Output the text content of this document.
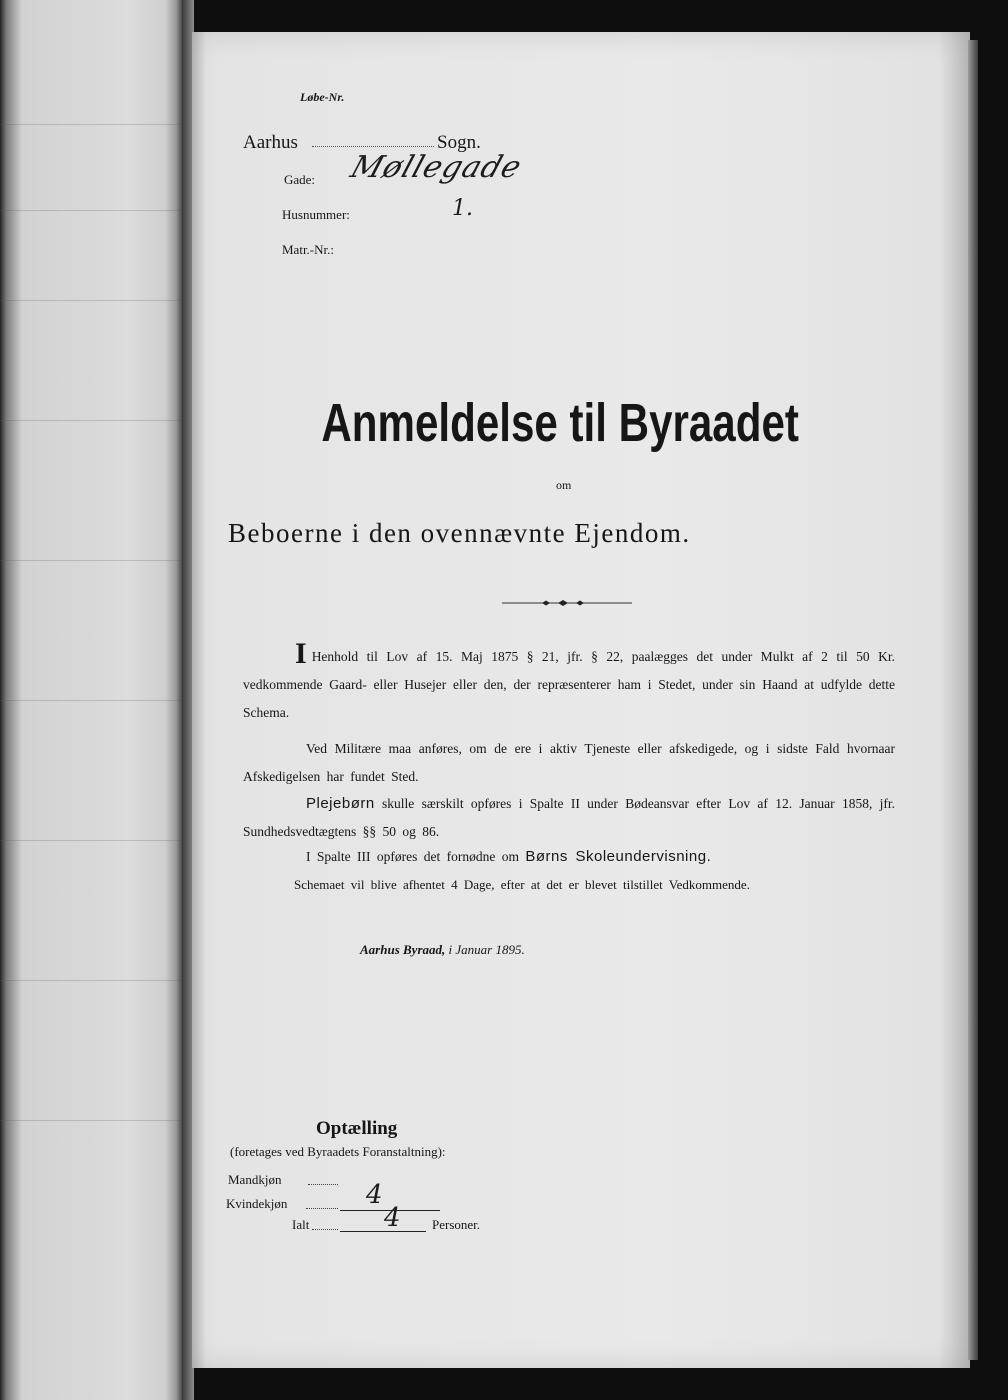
Løbe-Nr.
Aarhus	Sogn.
Gade: Møllegade
Husnummer:	1.
Matr.-Nr.:
Anmeldelse til Byraadet
om
Beboerne i den ovennævnte Ejendom.
I Henhold til Lov af 15. Maj 1875 § 21, jfr. § 22, paalægges det under Mulkt af 2 til 50 Kr. vedkommende Gaard- eller Husejer eller den, der repræsenterer ham i Stedet, under sin Haand at udfylde dette Schema.
Ved Militære maa anføres, om de ere i aktiv Tjeneste eller afskedigede, og i sidste Fald hvornaar Afskedigelsen har fundet Sted.
Plejebørn skulle særskilt opføres i Spalte II under Bødeansvar efter Lov af 12. Januar 1858, jfr. Sundhedsvedtægtens §§ 50 og 86.
I Spalte III opføres det fornødne om Børns Skoleundervisning.
Schemaet vil blive afhentet 4 Dage, efter at det er blevet tilstillet Vedkommende.
Aarhus Byraad, i Januar 1895.
Optælling
(foretages ved Byraadets Foranstaltning):
Mandkjøn
Kvindekjøn	4
Ialt	4 Personer.
